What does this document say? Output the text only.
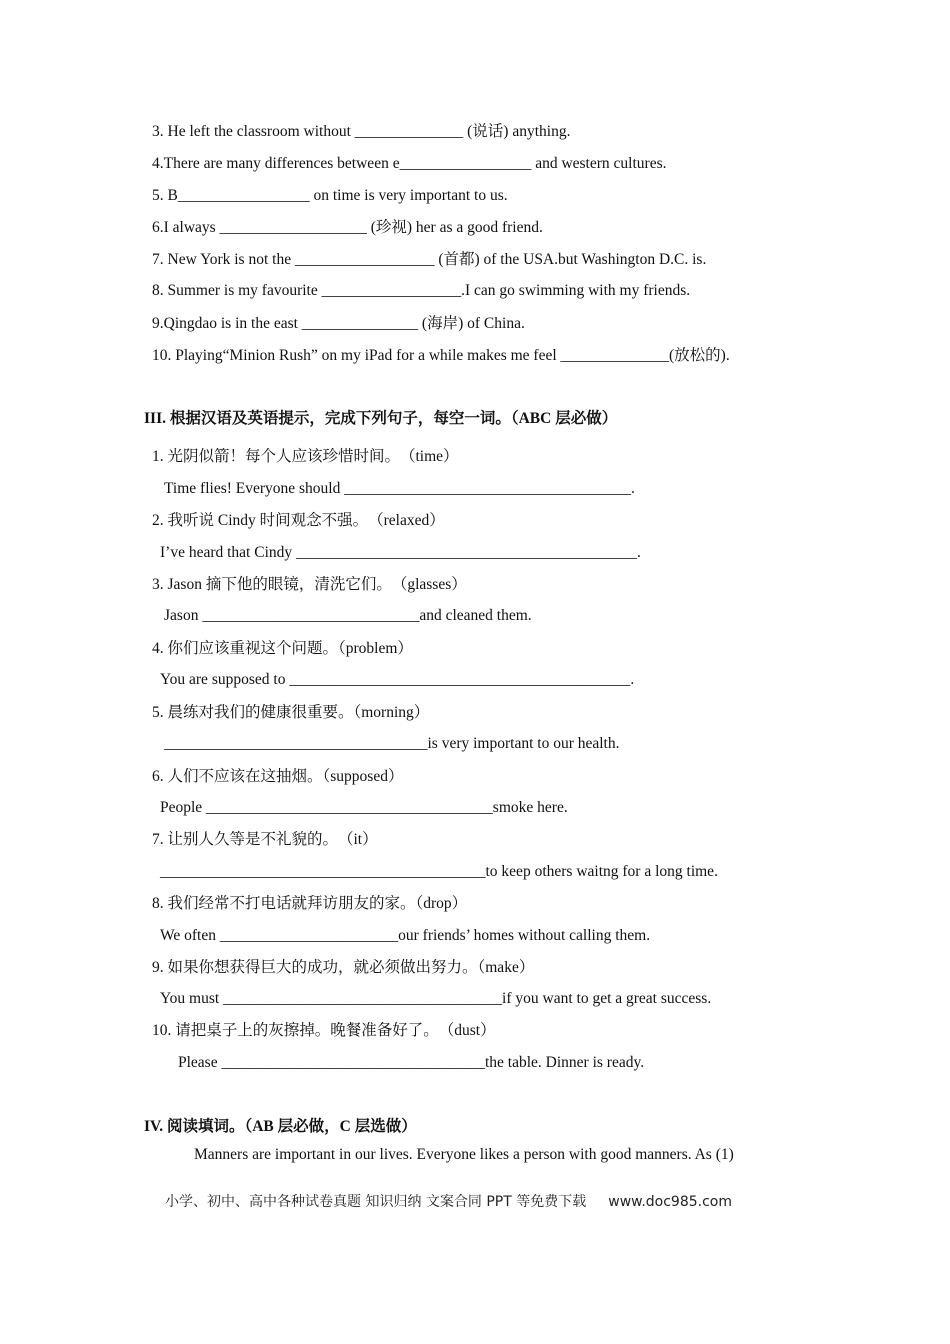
3. He left the classroom without ______________ (说话) anything.
4.There are many differences between e_________________ and western cultures.
5. B_________________ on time is very important to us.
6.I always ___________________ (珍视) her as a good friend.
7. New York is not the __________________ (首都) of the USA.but Washington D.C. is.
8. Summer is my favourite __________________.I can go swimming with my friends.
9.Qingdao is in the east _______________ (海岸) of China.
10. Playing“Minion Rush” on my iPad for a while makes me feel ______________(放松的).
III. 根据汉语及英语提示，完成下列句子，每空一词。（ABC 层必做）
1. 光阴似箭！每个人应该珍惜时间。　（time）
Time flies! Everyone should _____________________________________.
2. 我听说 Cindy 时间观念不强。　（relaxed）
I’ve heard that Cindy ____________________________________________.
3. Jason 摘下他的眼镜，清洗它们。　（glasses）
Jason ____________________________and cleaned them.
4. 你们应该重视这个问题。（problem）
You are supposed to ____________________________________________.
5. 晨练对我们的健康很重要。（morning）
__________________________________is very important to our health.
6. 人们不应该在这抽烟。（supposed）
People _____________________________________smoke here.
7. 让别人久等是不礼貌的。　（it）
__________________________________________to keep others waitng for a long time.
8. 我们经常不打电话就拜访朋友的家。（drop）
We often _______________________our friends’ homes without calling them.
9. 如果你想获得巨大的成功，就必须做出努力。（make）
You must ____________________________________if you want to get a great success.
10. 请把桌子上的灰擦掉。晚餐准备好了。　（dust）
Please __________________________________the table. Dinner is ready.
IV. 阅读填词。（AB 层必做，C 层选做）
Manners are important in our lives. Everyone likes a person with good manners. As (1)
小学、初中、高中各种试卷真题 知识归纳 文案合同 PPT 等免费下载 www.doc985.com
